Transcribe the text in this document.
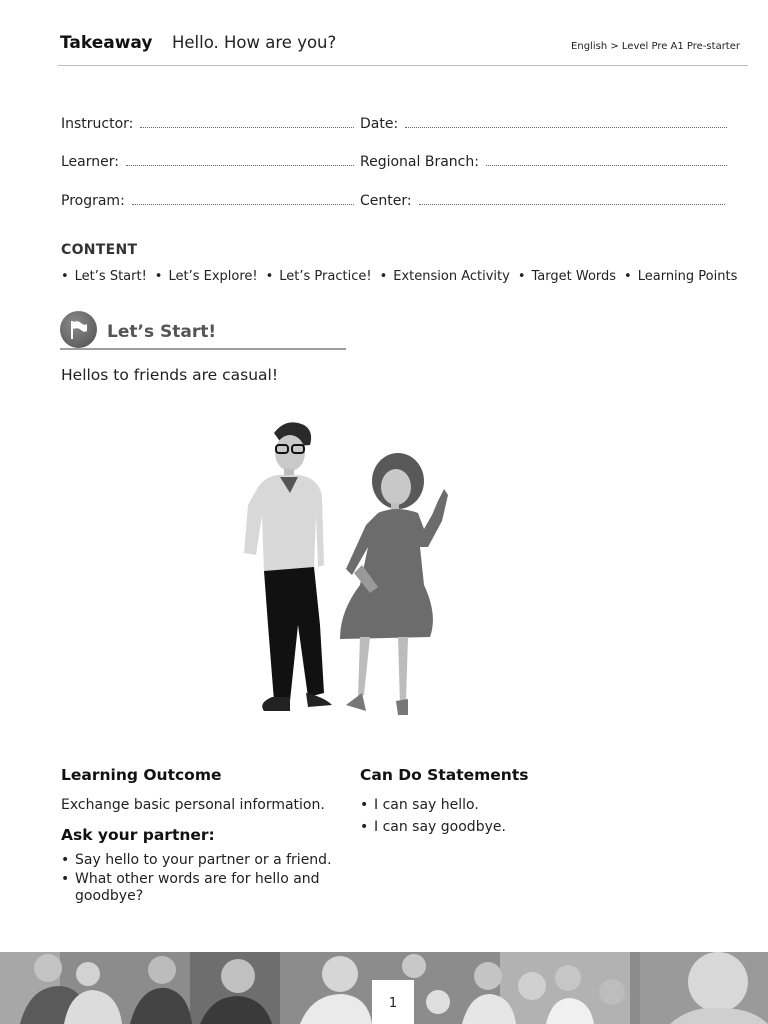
Takeaway Hello. How are you?	English > Level Pre A1 Pre-starter
Instructor:	Date:
Learner:	Regional Branch:
Program:	Center:
CONTENT
• Let’s Start!	• Let’s Explore!	• Let’s Practice!	• Extension Activity	• Target Words	• Learning Points
Let’s Start!
Hellos to friends are casual!
Learning Outcome

Exchange basic personal information.

Ask your partner:
• Say hello to your partner or a friend.
• What other words are for hello and goodbye?
Can Do Statements
• I can say hello.
• I can say goodbye.
1
